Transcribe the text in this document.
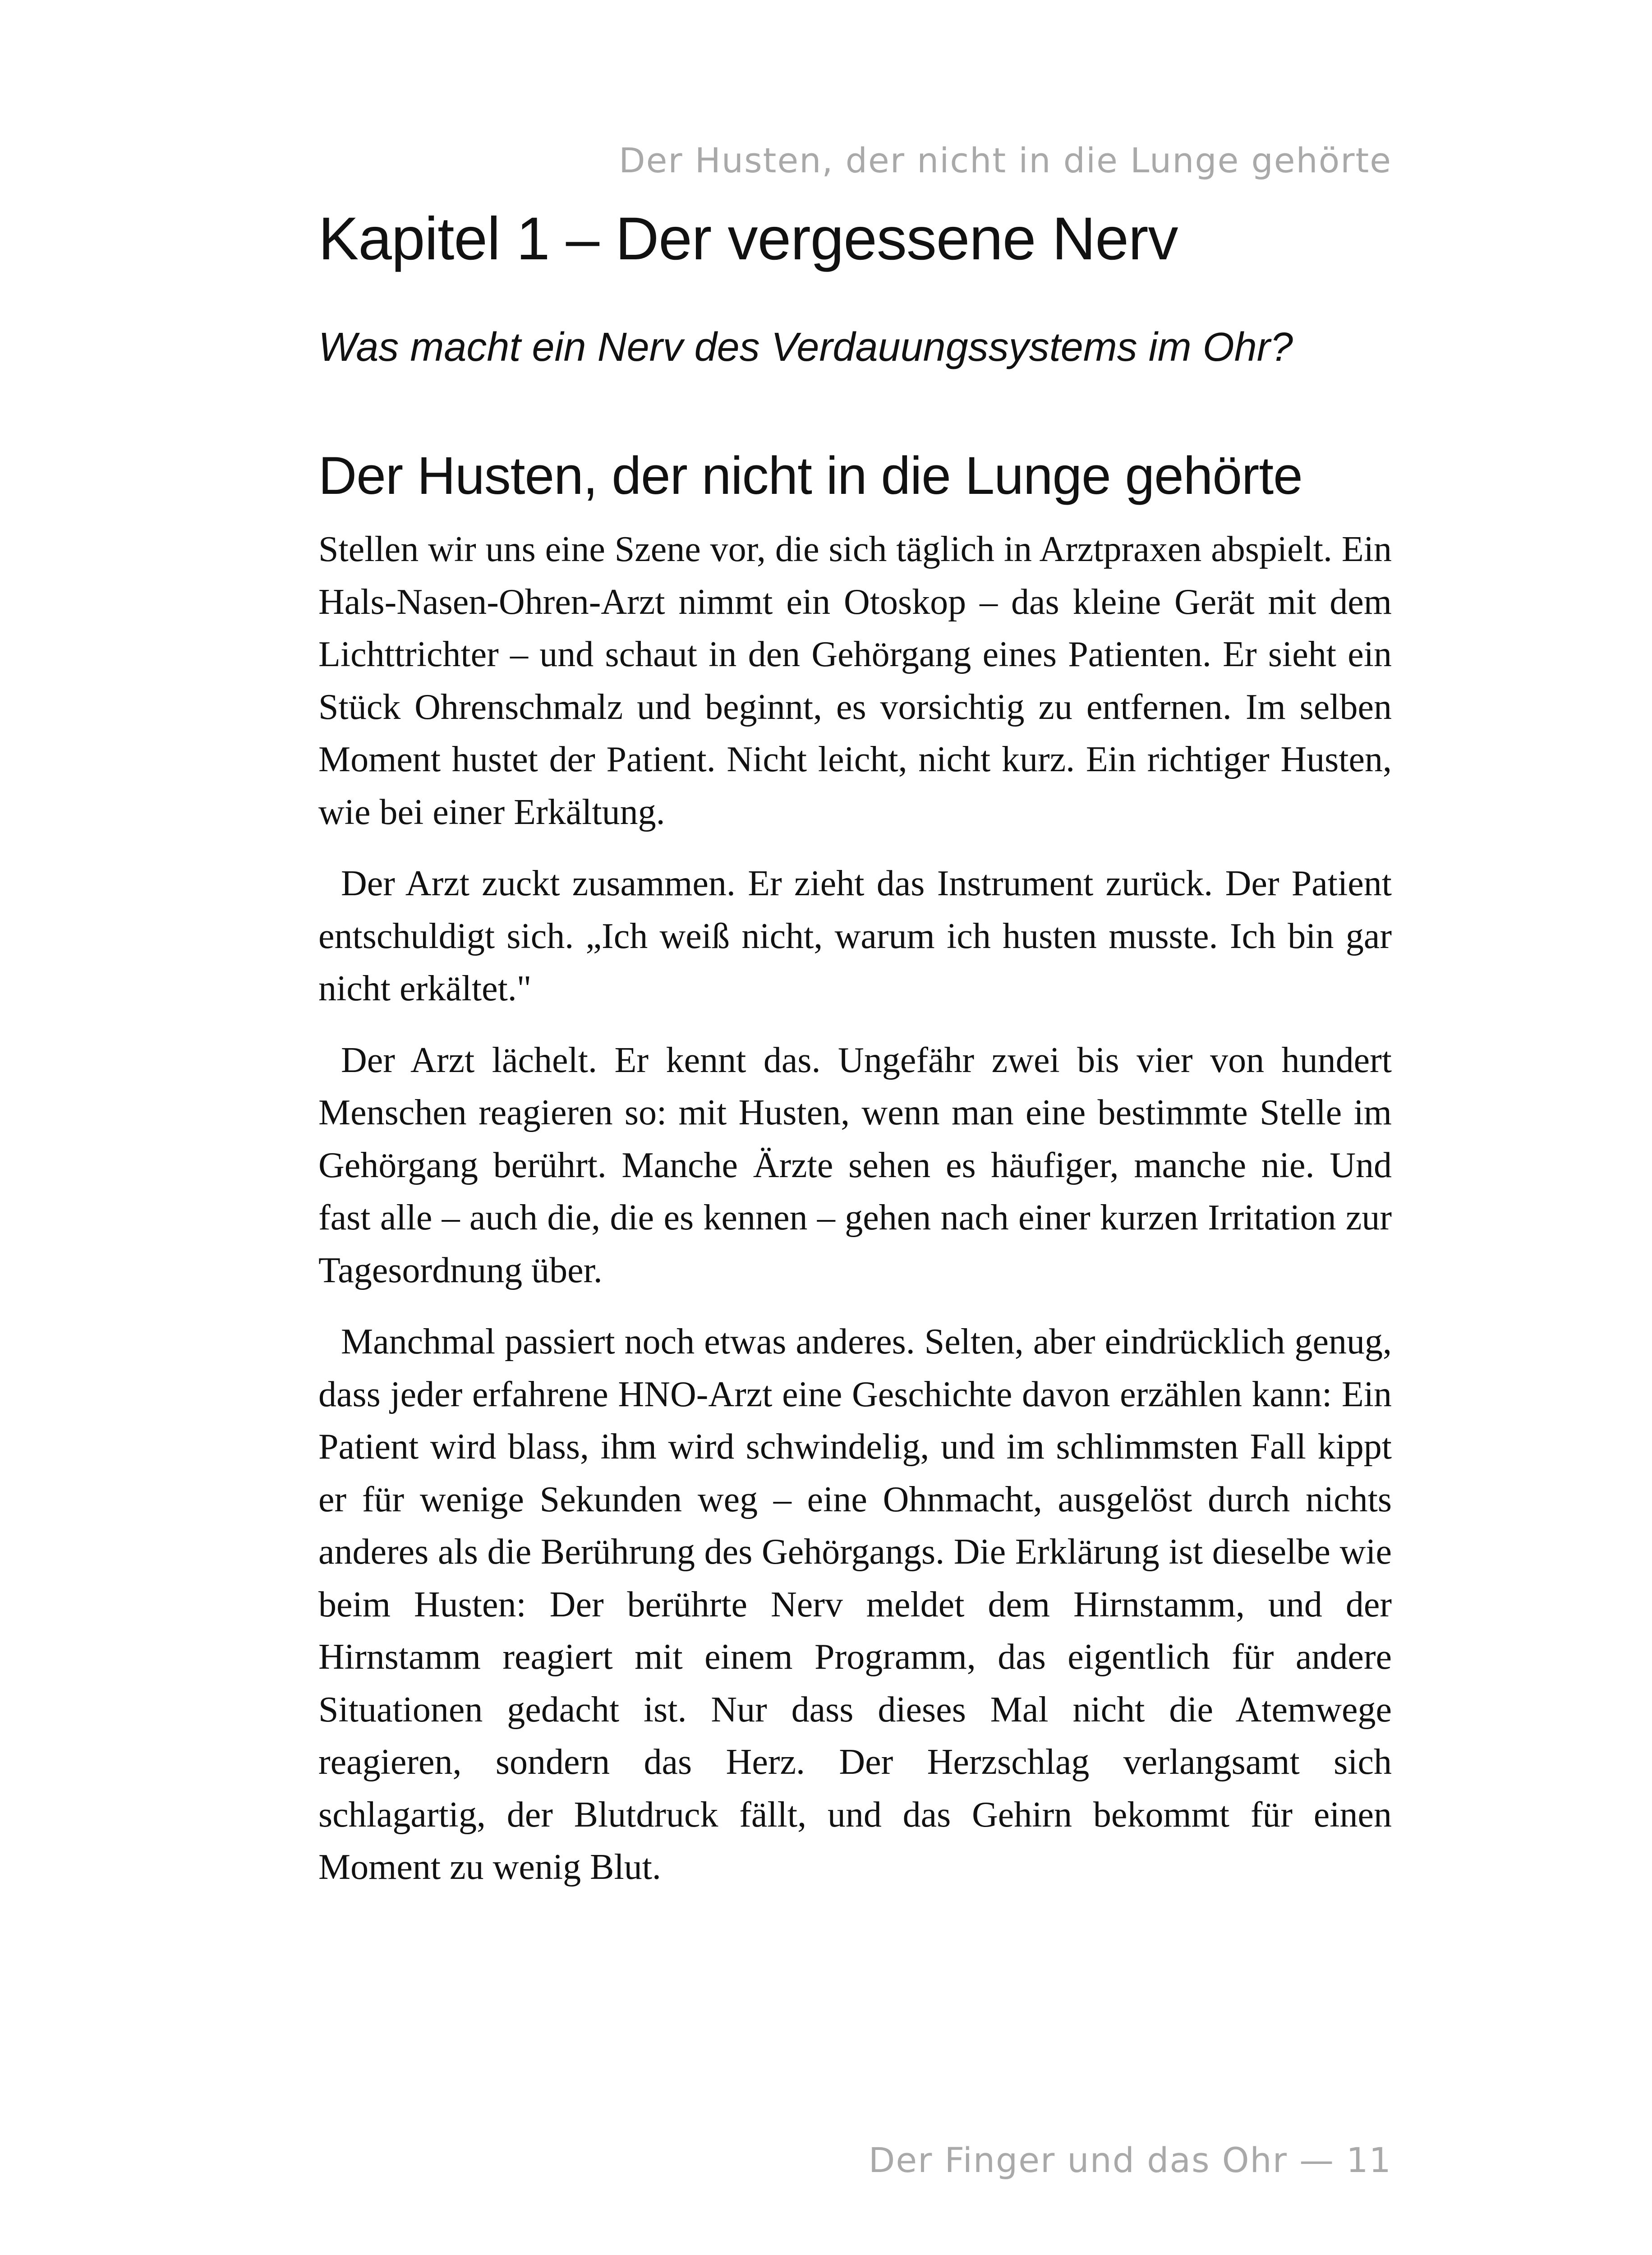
Der Husten, der nicht in die Lunge gehörte
Kapitel 1 – Der vergessene Nerv

Was macht ein Nerv des Verdauungssystems im Ohr?

Der Husten, der nicht in die Lunge gehörte

Stellen wir uns eine Szene vor, die sich täglich in Arztpraxen abspielt. Ein Hals-Nasen-Ohren-Arzt nimmt ein Otoskop – das kleine Gerät mit dem Lichttrichter – und schaut in den Gehörgang eines Patienten. Er sieht ein Stück Ohrenschmalz und beginnt, es vorsichtig zu entfernen. Im selben Moment hustet der Patient. Nicht leicht, nicht kurz. Ein richtiger Husten, wie bei einer Erkältung.

Der Arzt zuckt zusammen. Er zieht das Instrument zurück. Der Patient entschuldigt sich. „Ich weiß nicht, warum ich husten musste. Ich bin gar nicht erkältet."

Der Arzt lächelt. Er kennt das. Ungefähr zwei bis vier von hundert Menschen reagieren so: mit Husten, wenn man eine bestimmte Stelle im Gehörgang berührt. Manche Ärzte sehen es häufiger, manche nie. Und fast alle – auch die, die es kennen – gehen nach einer kurzen Irritation zur Tagesordnung über.

Manchmal passiert noch etwas anderes. Selten, aber eindrücklich genug, dass jeder erfahrene HNO-Arzt eine Geschichte davon erzählen kann: Ein Patient wird blass, ihm wird schwindelig, und im schlimmsten Fall kippt er für wenige Sekunden weg – eine Ohnmacht, ausgelöst durch nichts anderes als die Berührung des Gehörgangs. Die Erklärung ist dieselbe wie beim Husten: Der berührte Nerv meldet dem Hirnstamm, und der Hirnstamm reagiert mit einem Programm, das eigentlich für andere Situationen gedacht ist. Nur dass dieses Mal nicht die Atemwege reagieren, sondern das Herz. Der Herzschlag verlangsamt sich schlagartig, der Blutdruck fällt, und das Gehirn bekommt für einen Moment zu wenig Blut.

Der Finger und das Ohr — 11
